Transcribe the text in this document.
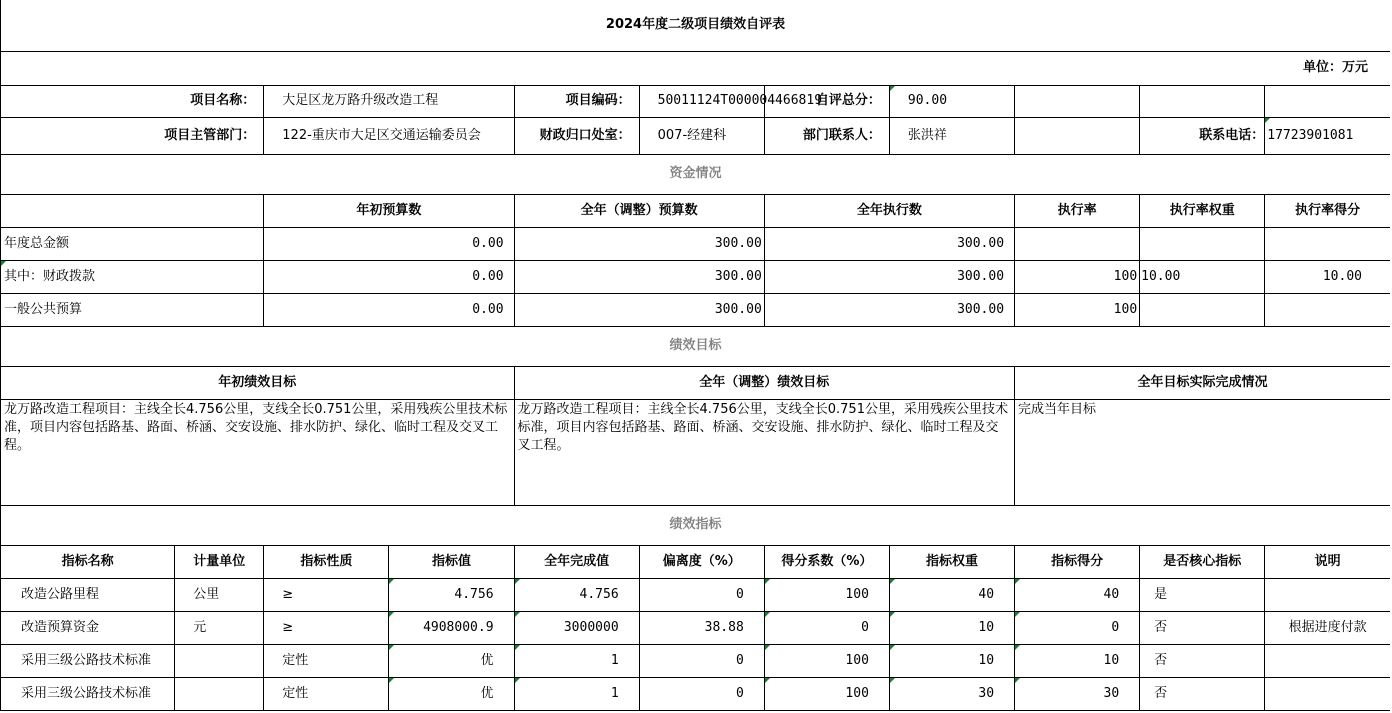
2024年度二级项目绩效自评表										
单位：万元										
项目名称：		大足区龙万路升级改造工程		项目编码：	50011124T000004466819	自评总分：	90.00			
项目主管部门：		122-重庆市大足区交通运输委员会		财政归口处室：	007-经建科	部门联系人：	张洪祥		联系电话：	17723901081
资金情况										
		年初预算数		全年（调整）预算数		全年执行数		执行率	执行率权重	执行率得分
年度总金额		0.00		300.00		300.00				
其中：财政拨款		0.00		300.00		300.00		100	10.00	10.00
一般公共预算		0.00		300.00		300.00		100		
绩效目标										
年初绩效目标				全年（调整）绩效目标				全年目标实际完成情况		
龙万路改造工程项目：主线全长4.756公里，支线全长0.751公里，采用残疾公里技术标准，项目内容包括路基、路面、桥涵、交安设施、排水防护、绿化、临时工程及交叉工程。				龙万路改造工程项目：主线全长4.756公里，支线全长0.751公里，采用残疾公里技术标准，项目内容包括路基、路面、桥涵、交安设施、排水防护、绿化、临时工程及交叉工程。				完成当年目标		
绩效指标										
指标名称	计量单位	指标性质	指标值	全年完成值	偏离度（%）	得分系数（%）	指标权重	指标得分	是否核心指标	说明
改造公路里程	公里	≥	4.756	4.756	0	100	40	40	是	
改造预算资金	元	≥	4908000.9	3000000	38.88	0	10	0	否	根据进度付款
采用三级公路技术标准		定性	优	1	0	100	10	10	否	
采用三级公路技术标准		定性	优	1	0	100	30	30	否	
